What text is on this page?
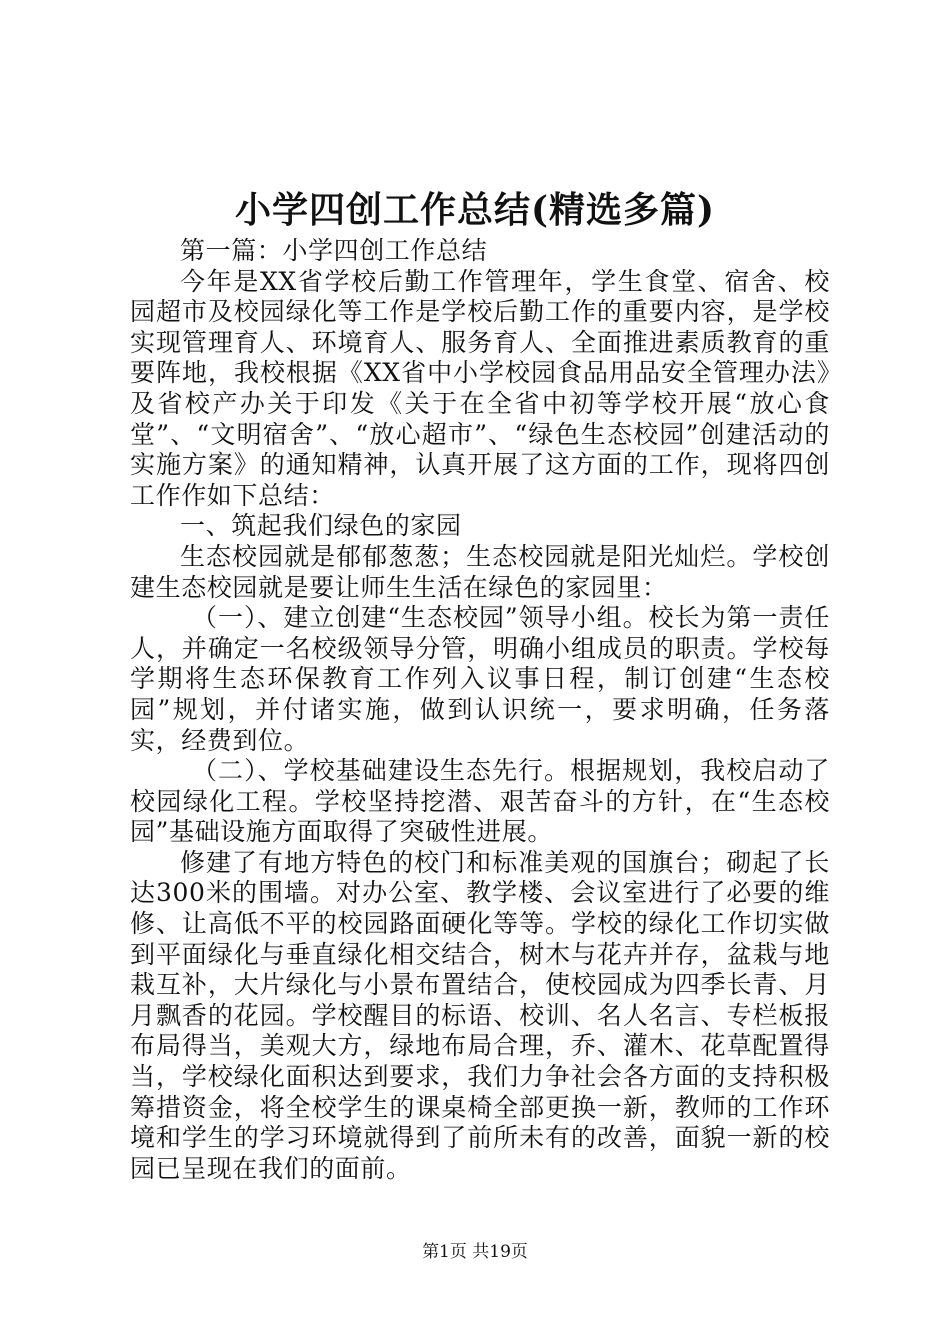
小学四创工作总结(精选多篇)

第一篇：小学四创工作总结

今年是XX省学校后勤工作管理年，学生食堂、宿舍、校园超市及校园绿化等工作是学校后勤工作的重要内容，是学校实现管理育人、环境育人、服务育人、全面推进素质教育的重要阵地，我校根据《XX省中小学校园食品用品安全管理办法》及省校产办关于印发《关于在全省中初等学校开展“放心食堂”、“文明宿舍”、“放心超市”、“绿色生态校园”创建活动的实施方案》的通知精神，认真开展了这方面的工作，现将四创工作作如下总结：

一、筑起我们绿色的家园

生态校园就是郁郁葱葱；生态校园就是阳光灿烂。学校创建生态校园就是要让师生生活在绿色的家园里：

（一）、建立创建“生态校园”领导小组。校长为第一责任人，并确定一名校级领导分管，明确小组成员的职责。学校每学期将生态环保教育工作列入议事日程，制订创建“生态校园”规划，并付诸实施，做到认识统一，要求明确，任务落实，经费到位。

（二）、学校基础建设生态先行。根据规划，我校启动了校园绿化工程。学校坚持挖潜、艰苦奋斗的方针，在“生态校园”基础设施方面取得了突破性进展。

修建了有地方特色的校门和标准美观的国旗台；砌起了长达300米的围墙。对办公室、教学楼、会议室进行了必要的维修、让高低不平的校园路面硬化等等。学校的绿化工作切实做到平面绿化与垂直绿化相交结合，树木与花卉并存，盆栽与地栽互补，大片绿化与小景布置结合，使校园成为四季长青、月月飘香的花园。学校醒目的标语、校训、名人名言、专栏板报布局得当，美观大方，绿地布局合理，乔、灌木、花草配置得当，学校绿化面积达到要求，我们力争社会各方面的支持积极筹措资金，将全校学生的课桌椅全部更换一新，教师的工作环境和学生的学习环境就得到了前所未有的改善，面貌一新的校园已呈现在我们的面前。

第1页 共19页
